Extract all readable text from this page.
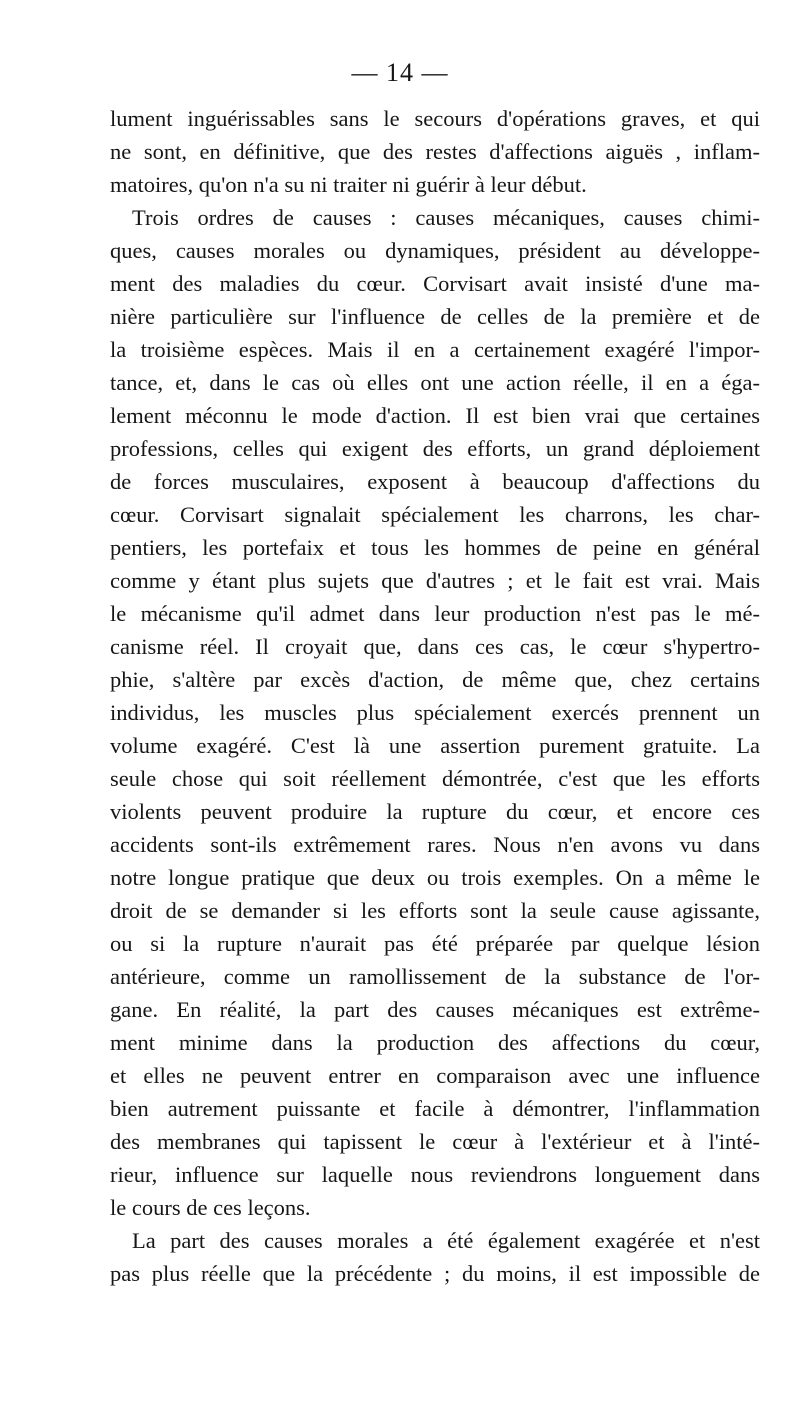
— 14 —
lument inguérissables sans le secours d'opérations graves, et qui
ne sont, en définitive, que des restes d'affections aiguës , inflam-
matoires, qu'on n'a su ni traiter ni guérir à leur début.
Trois ordres de causes : causes mécaniques, causes chimi-
ques, causes morales ou dynamiques, président au développe-
ment des maladies du cœur. Corvisart avait insisté d'une ma-
nière particulière sur l'influence de celles de la première et de
la troisième espèces. Mais il en a certainement exagéré l'impor-
tance, et, dans le cas où elles ont une action réelle, il en a éga-
lement méconnu le mode d'action. Il est bien vrai que certaines
professions, celles qui exigent des efforts, un grand déploiement
de forces musculaires, exposent à beaucoup d'affections du
cœur. Corvisart signalait spécialement les charrons, les char-
pentiers, les portefaix et tous les hommes de peine en général
comme y étant plus sujets que d'autres ; et le fait est vrai. Mais
le mécanisme qu'il admet dans leur production n'est pas le mé-
canisme réel. Il croyait que, dans ces cas, le cœur s'hypertro-
phie, s'altère par excès d'action, de même que, chez certains
individus, les muscles plus spécialement exercés prennent un
volume exagéré. C'est là une assertion purement gratuite. La
seule chose qui soit réellement démontrée, c'est que les efforts
violents peuvent produire la rupture du cœur, et encore ces
accidents sont-ils extrêmement rares. Nous n'en avons vu dans
notre longue pratique que deux ou trois exemples. On a même le
droit de se demander si les efforts sont la seule cause agissante,
ou si la rupture n'aurait pas été préparée par quelque lésion
antérieure, comme un ramollissement de la substance de l'or-
gane. En réalité, la part des causes mécaniques est extrême-
ment minime dans la production des affections du cœur,
et elles ne peuvent entrer en comparaison avec une influence
bien autrement puissante et facile à démontrer, l'inflammation
des membranes qui tapissent le cœur à l'extérieur et à l'inté-
rieur, influence sur laquelle nous reviendrons longuement dans
le cours de ces leçons.
La part des causes morales a été également exagérée et n'est
pas plus réelle que la précédente ; du moins, il est impossible de
